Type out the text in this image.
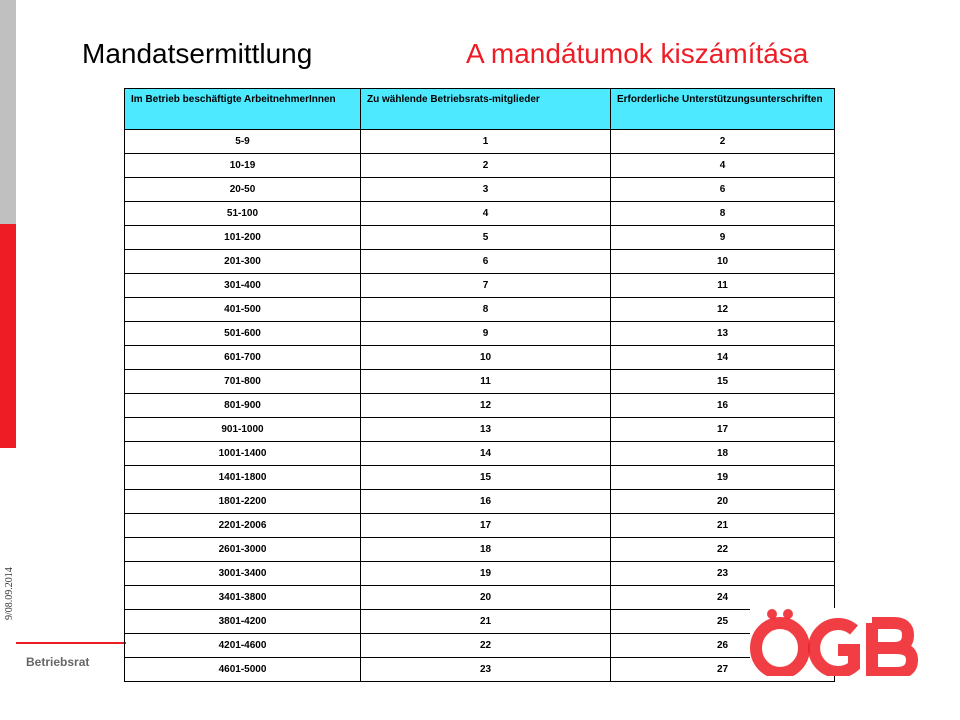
Mandatsermittlung	A mandátumok kiszámítása
9/08.09.2014
Betriebsrat
Im Betrieb beschäftigte ArbeitnehmerInnen	Zu wählende Betriebsrats-mitglieder	Erforderliche Unterstützungsunterschriften
5-9	1	2
10-19	2	4
20-50	3	6
51-100	4	8
101-200	5	9
201-300	6	10
301-400	7	11
401-500	8	12
501-600	9	13
601-700	10	14
701-800	11	15
801-900	12	16
901-1000	13	17
1001-1400	14	18
1401-1800	15	19
1801-2200	16	20
2201-2006	17	21
2601-3000	18	22
3001-3400	19	23
3401-3800	20	24
3801-4200	21	25
4201-4600	22	26
4601-5000	23	27
